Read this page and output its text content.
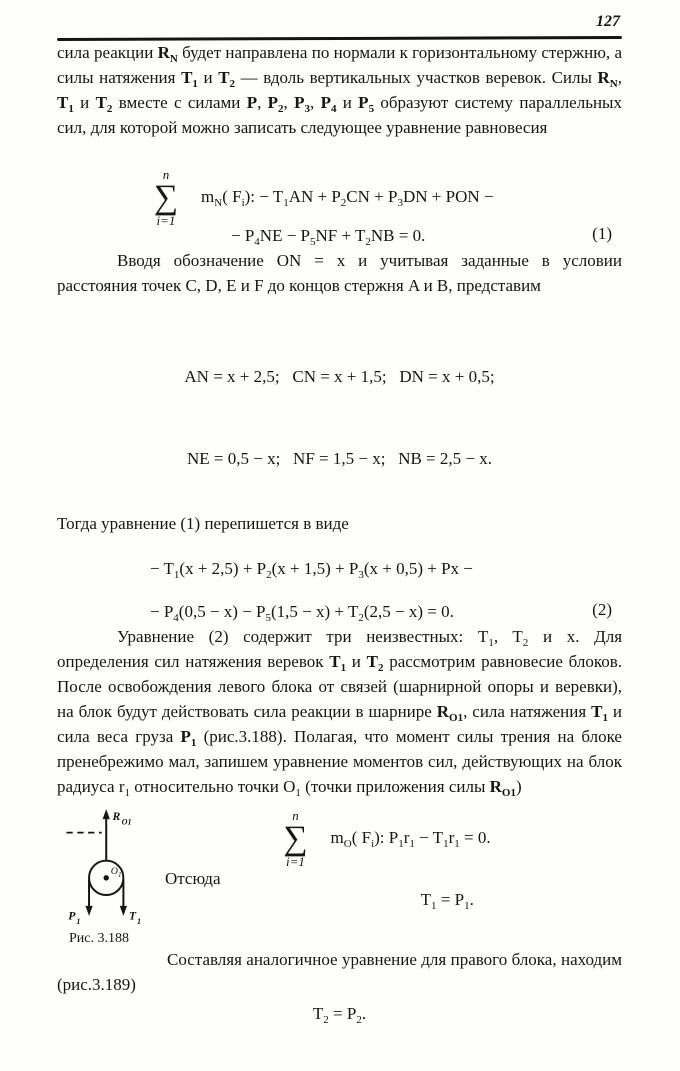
127

сила реакции $R_N$ будет направлена по нормали к горизонтальному стержню, а силы натяжения $T_1$ и $T_2$ — вдоль вертикальных участков веревок. Силы $R_N$, $T_1$ и $T_2$ вместе с силами P, $P_2$, $P_3$, $P_4$ и $P_5$ образуют систему параллельных сил, для которой можно записать следующее уравнение равновесия

n
∑
i=1
$m_N$( $F_i$): − $T_1AN + P_2CN + P_3DN$ + PON −
− $P_4NE - P_5NF + T_2NB = 0$.	(1)

Вводя обозначение ON = x и учитывая заданные в условии расстояния точек C, D, E и F до концов стержня A и B, представим

AN = x + 2,5;   CN = x + 1,5;   DN = x + 0,5;

NE = 0,5 − x;   NF = 1,5 − x;   NB = 2,5 − x.

Тогда уравнение (1) перепишется в виде

− $T_1(x + 2,5) + P_2(x + 1,5) + P_3(x + 0,5) + Px$ −
− $P_4(0,5 - x) - P_5(1,5 - x) + T_2(2,5 - x) = 0$.	(2)

Уравнение (2) содержит три неизвестных: $T_1$, $T_2$ и x. Для определения сил натяжения веревок $T_1$ и $T_2$ рассмотрим равновесие блоков. После освобождения левого блока от связей (шарнирной опоры и веревки), на блок будут действовать сила реакции в шарнире $R_{O1}$, сила натяжения $T_1$ и сила веса груза $P_1$ (рис.3.188). Полагая, что момент силы трения на блоке пренебрежимо мал, запишем уравнение моментов сил, действующих на блок радиуса $r_1$ относительно точки $O_1$ (точки приложения силы $R_{O1}$)

R O1
O 1
P 1	T 1
Рис. 3.188
Отсюда
n
∑
i=1
$m_O$( $F_i$): $P_1r_1 - T_1r_1 = 0$.
$T_1 = P_1$.

Составляя аналогичное уравнение для правого блока, находим (рис.3.189)

$T_2 = P_2$.
